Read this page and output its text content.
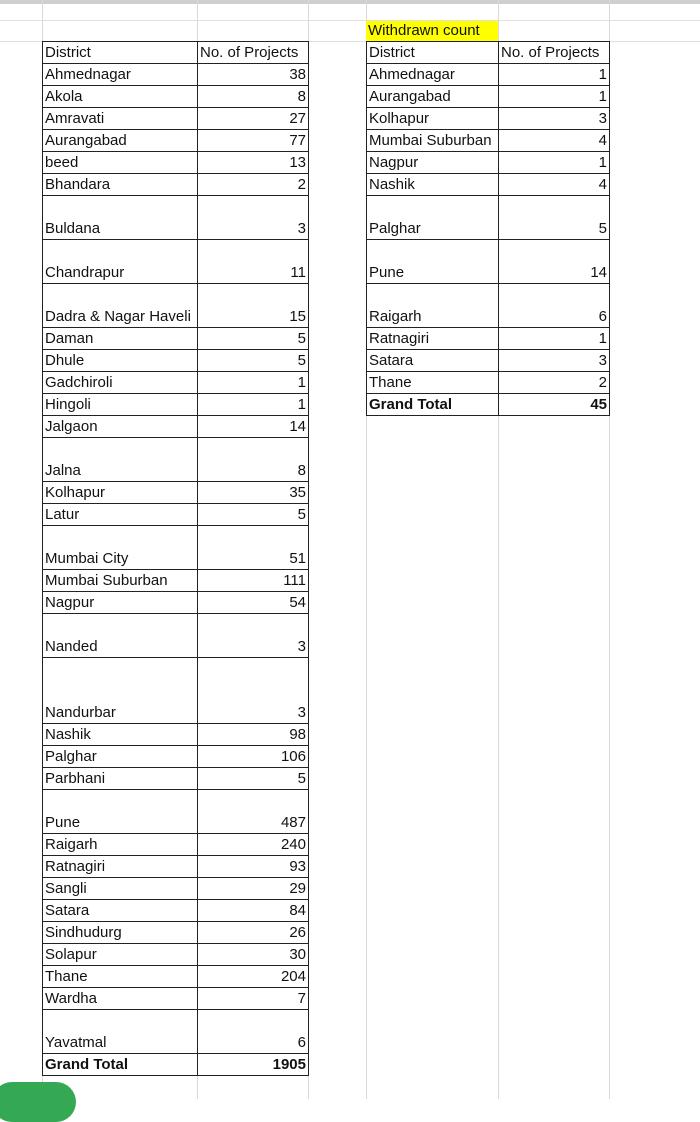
Withdrawn count
District	No. of Projects
Ahmednagar	38
Akola	8
Amravati	27
Aurangabad	77
beed	13
Bhandara	2
Buldana	3
Chandrapur	11
Dadra & Nagar Haveli	15
Daman	5
Dhule	5
Gadchiroli	1
Hingoli	1
Jalgaon	14
Jalna	8
Kolhapur	35
Latur	5
Mumbai City	51
Mumbai Suburban	111
Nagpur	54
Nanded	3
Nandurbar	3
Nashik	98
Palghar	106
Parbhani	5
Pune	487
Raigarh	240
Ratnagiri	93
Sangli	29
Satara	84
Sindhudurg	26
Solapur	30
Thane	204
Wardha	7
Yavatmal	6
Grand Total	1905
District	No. of Projects
Ahmednagar	1
Aurangabad	1
Kolhapur	3
Mumbai Suburban	4
Nagpur	1
Nashik	4
Palghar	5
Pune	14
Raigarh	6
Ratnagiri	1
Satara	3
Thane	2
Grand Total	45
